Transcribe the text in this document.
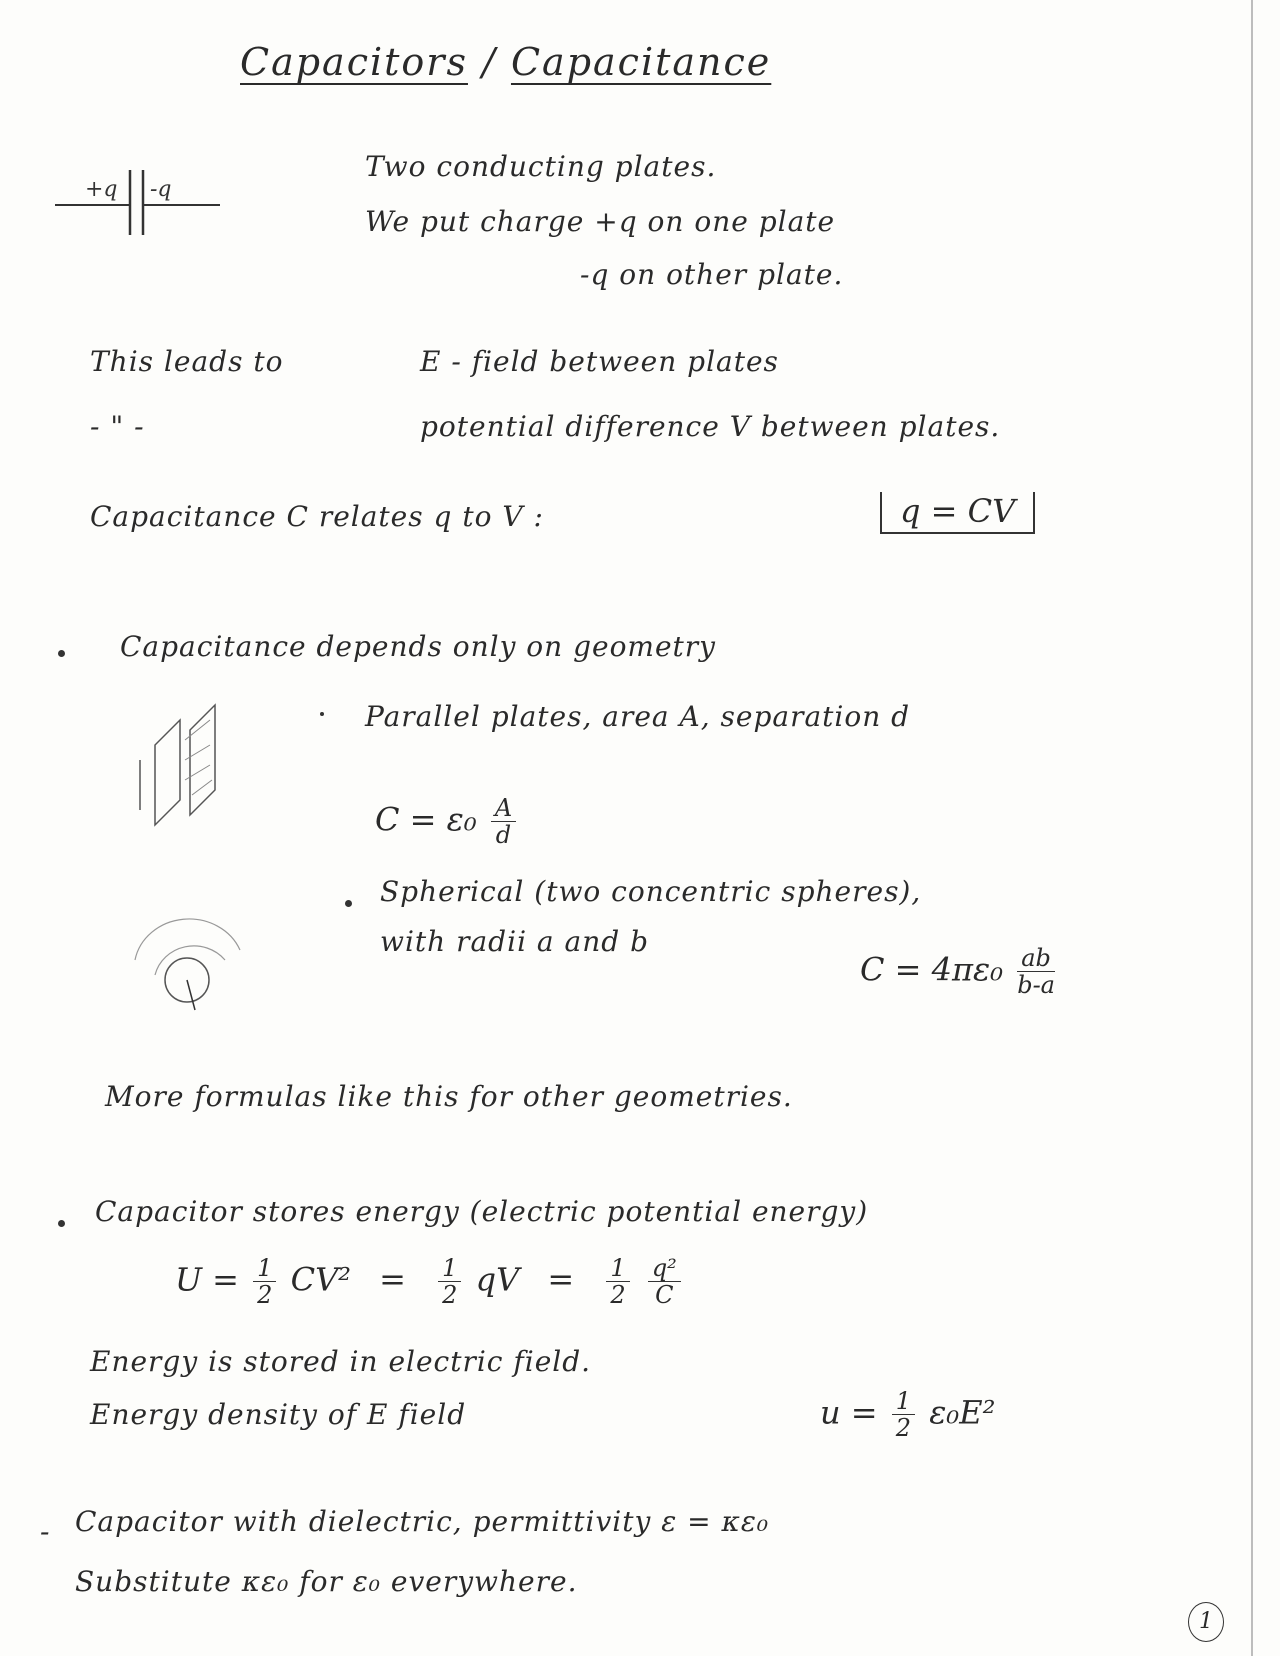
Capacitors / Capacitance
+q -q
Two conducting plates.
We put charge +q on one plate
-q on other plate.
This leads to	E - field between plates
- " -	potential difference V between plates.
Capacitance C relates q to V :	q = CV
Capacitance depends only on geometry
Parallel plates, area A, separation d
$C = \varepsilon_0 \frac{A}{d}$
Spherical (two concentric spheres),
with radii a and b
$C = 4\pi\varepsilon_0 \frac{ab}{b-a}$
More formulas like this for other geometries.
Capacitor stores energy (electric potential energy)
$U = \frac{1}{2} CV^2 = \frac{1}{2}$ qV = $\frac{1}{2}$
$\frac{\text{q²}}{C}$
Energy is stored in electric field.
Energy density of E field	$u = \frac{1}{2} \varepsilon_0E^2$
- Capacitor with dielectric, permittivity ε = κε₀
Substitute κε₀ for ε₀ everywhere.
1
